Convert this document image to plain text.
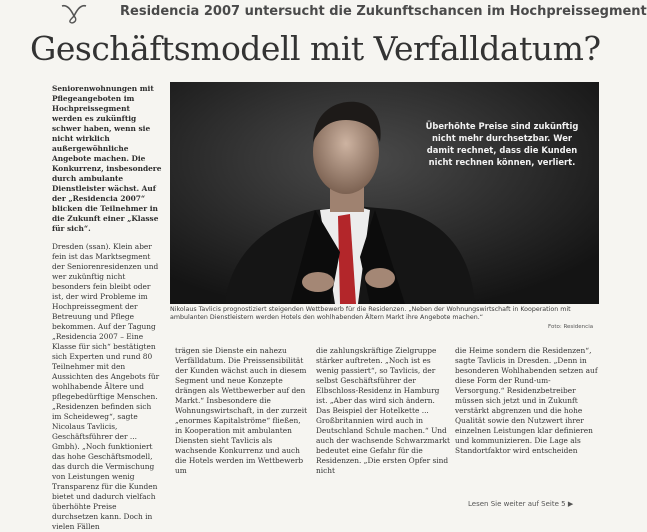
Residencia 2007 untersucht die Zukunftschancen im Hochpreissegment
Geschäftsmodell mit Verfalldatum?

Seniorenwohnungen mit Pflegeangeboten im Hochpreissegment werden es zukünftig schwer haben, wenn sie nicht wirklich außergewöhnliche Angebote machen. Die Konkurrenz, insbesondere durch ambulante Dienstleister wächst. Auf der „Residencia 2007“ blicken die Teilnehmer in die Zukunft einer „Klasse für sich“.

Dresden (ssan). Klein aber fein ist das Marktsegment der Seniorenresidenzen und wer zukünftig nicht besonders fein bleibt oder ist, der wird Probleme im Hochpreissegment der Betreuung und Pflege bekommen. Auf der Tagung „Residencia 2007 – Eine Klasse für sich“ bestätigten sich Experten und rund 80 Teilnehmer mit den Aussichten des Angebots für wohlhabende Ältere und pflegebedürftige Menschen. „Residenzen befinden sich im Scheideweg“, sagte Nicolaus Tavlicis, Geschäftsführer der ... Gmbh). „Noch funktioniert das hohe Geschäftsmodell, das durch die Vermischung von Leistungen wenig Transparenz für die Kunden bietet und dadurch vielfach überhöhte Preise durchsetzen kann. Doch in vielen Fällen

Überhöhte Preise sind zukünftig nicht mehr durchsetzbar. Wer damit rechnet, dass die Kunden nicht rechnen können, verliert.
Nikolaus Tavlicis prognostiziert steigenden Wettbewerb für die Residenzen. „Neben der Wohnungswirtschaft in Kooperation mit ambulanten Dienstleistern werden Hotels den wohlhabenden Ältern Markt ihre Angebote machen.“
Foto: Residencia

trägen sie Dienste ein nahezu Verfälldatum. Die Preissensibilität der Kunden wächst auch in diesem Segment und neue Konzepte drängen als Wettbewerber auf den Markt.“ Insbesondere die Wohnungswirtschaft, in der zurzeit „enormes Kapitalströme“ fließen, in Kooperation mit ambulanten Diensten sieht Tavlicis als wachsende Konkurrenz und auch die Hotels werden im Wettbewerb um

die zahlungskräftige Zielgruppe stärker auftreten. „Noch ist es wenig passiert“, so Tavlicis, der selbst Geschäftsführer der Elbschloss-Residenz in Hamburg ist. „Aber das wird sich ändern. Das Beispiel der Hotelkette ... Großbritannien wird auch in Deutschland Schule machen.“ Und auch der wachsende Schwarzmarkt bedeutet eine Gefahr für die Residenzen. „Die ersten Opfer sind nicht

die Heime sondern die Residenzen“, sagte Tavlicis in Dresden. „Denn in besonderen Wohlhabenden setzen auf diese Form der Rund-um-Versorgung.“ Residenzbetreiber müssen sich jetzt und in Zukunft verstärkt abgrenzen und die hohe Qualität sowie den Nutzwert ihrer einzelnen Leistungen klar definieren und kommunizieren. Die Lage als Standortfaktor wird entscheiden

Lesen Sie weiter auf Seite 5 ▶
